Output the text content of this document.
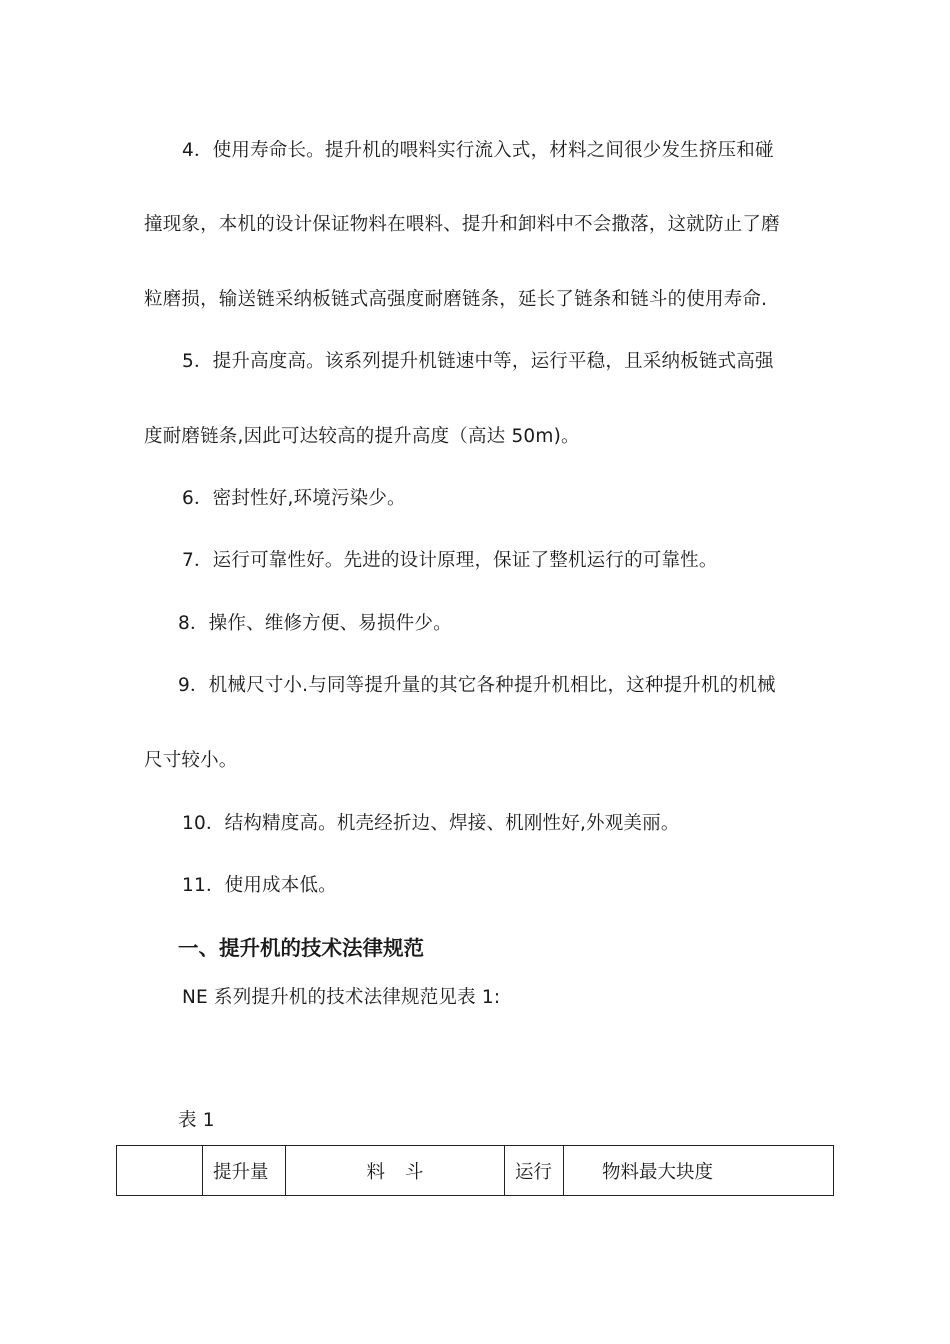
4．使用寿命长。提升机的喂料实行流入式，材料之间很少发生挤压和碰
撞现象，本机的设计保证物料在喂料、提升和卸料中不会撒落，这就防止了磨
粒磨损，输送链采纳板链式高强度耐磨链条，延长了链条和链斗的使用寿命.
5．提升高度高。该系列提升机链速中等，运行平稳，且采纳板链式高强
度耐磨链条,因此可达较高的提升高度（高达 50m)。
6．密封性好,环境污染少。
7．运行可靠性好。先进的设计原理，保证了整机运行的可靠性。
8．操作、维修方便、易损件少。
9．机械尺寸小.与同等提升量的其它各种提升机相比，这种提升机的机械
尺寸较小。
10．结构精度高。机壳经折边、焊接、机刚性好,外观美丽。
11．使用成本低。
一、提升机的技术法律规范
NE 系列提升机的技术法律规范见表 1:
表 1
	提升量	料 斗	运行	物料最大块度
